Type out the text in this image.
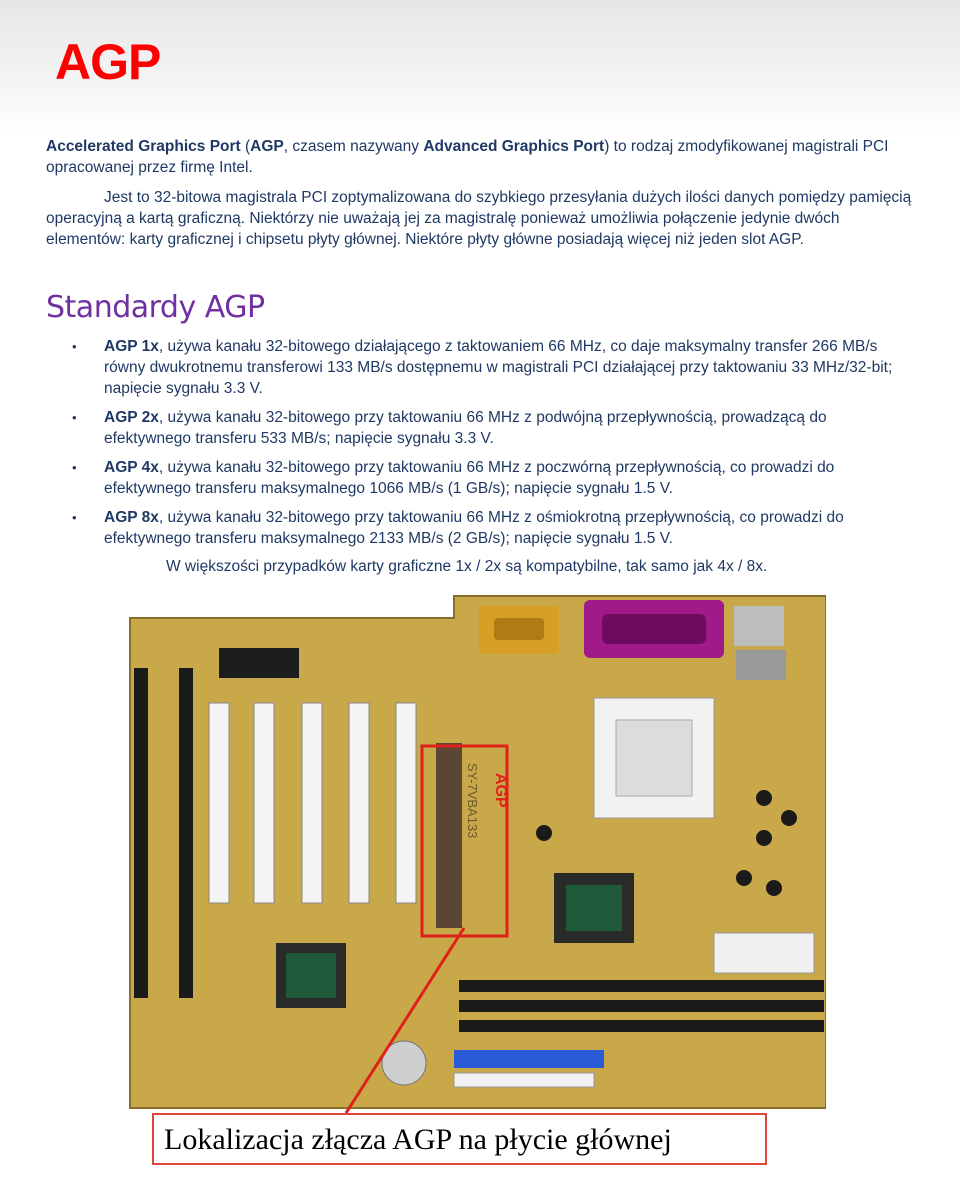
AGP

Accelerated Graphics Port (AGP, czasem nazywany Advanced Graphics Port) to rodzaj zmodyfikowanej magistrali PCI opracowanej przez firmę Intel.

Jest to 32-bitowa magistrala PCI zoptymalizowana do szybkiego przesyłania dużych ilości danych pomiędzy pamięcią operacyjną a kartą graficzną. Niektórzy nie uważają jej za magistralę ponieważ umożliwia połączenie jedynie dwóch elementów: karty graficznej i chipsetu płyty głównej. Niektóre płyty główne posiadają więcej niż jeden slot AGP.

Standardy AGP
• AGP 1x, używa kanału 32-bitowego działającego z taktowaniem 66 MHz, co daje maksymalny transfer 266 MB/s równy dwukrotnemu transferowi 133 MB/s dostępnemu w magistrali PCI działającej przy taktowaniu 33 MHz/32-bit; napięcie sygnału 3.3 V.
• AGP 2x, używa kanału 32-bitowego przy taktowaniu 66 MHz z podwójną przepływnością, prowadzącą do efektywnego transferu 533 MB/s; napięcie sygnału 3.3 V.
• AGP 4x, używa kanału 32-bitowego przy taktowaniu 66 MHz z poczwórną przepływnością, co prowadzi do efektywnego transferu maksymalnego 1066 MB/s (1 GB/s); napięcie sygnału 1.5 V.
• AGP 8x, używa kanału 32-bitowego przy taktowaniu 66 MHz z ośmiokrotną przepływnością, co prowadzi do efektywnego transferu maksymalnego 2133 MB/s (2 GB/s); napięcie sygnału 1.5 V.

W większości przypadków karty graficzne 1x / 2x są kompatybilne, tak samo jak 4x / 8x.

AGP
SY-7VBA133
Lokalizacja złącza AGP na płycie głównej
